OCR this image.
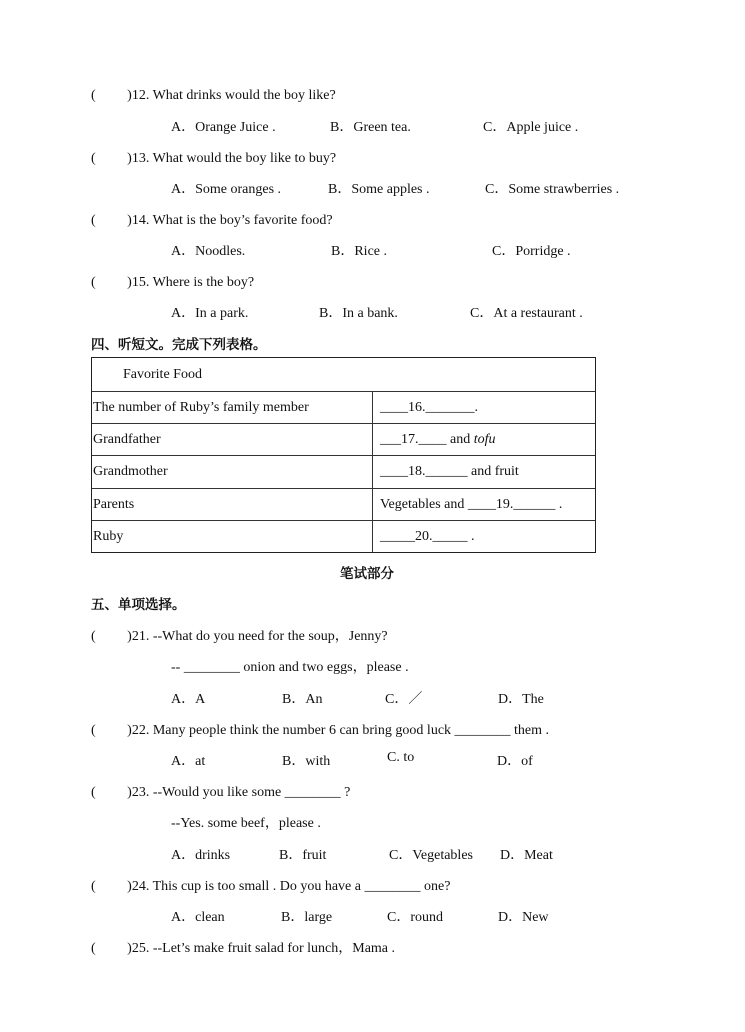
(　　 )12. What drinks would the boy like?
A．Orange Juice .	B．Green tea.	C．Apple juice .
(　　 )13. What would the boy like to buy?
A．Some oranges .	B．Some apples .	C．Some strawberries .
(　　 )14. What is the boy’s favorite food?
A．Noodles.	B．Rice .	C．Porridge .
(　　 )15. Where is the boy?
A．In a park.	B．In a bank.	C．At a restaurant .
四、听短文。完成下列表格。
Favorite Food
The number of Ruby’s family member	____16._______.
Grandfather	___17.____ and tofu
Grandmother	____18.______ and fruit
Parents	Vegetables and ____19.______ .
Ruby	_____20._____ .
笔试部分
五、单项选择。
(　　 )21. --What do you need for the soup，Jenny?
-- ________ onion and two eggs，please .
A．A	B．An	C．／	D．The
(　　 )22. Many people think the number 6 can bring good luck ________ them .
A．at	B．with	C. to	D．of
(　　 )23. --Would you like some ________ ?
--Yes. some beef，please .
A．drinks	B．fruit	C．Vegetables D．Meat
(　　 )24. This cup is too small . Do you have a ________ one?
A．clean	B．large	C．round	D．New
(　　 )25. --Let’s make fruit salad for lunch，Mama .
